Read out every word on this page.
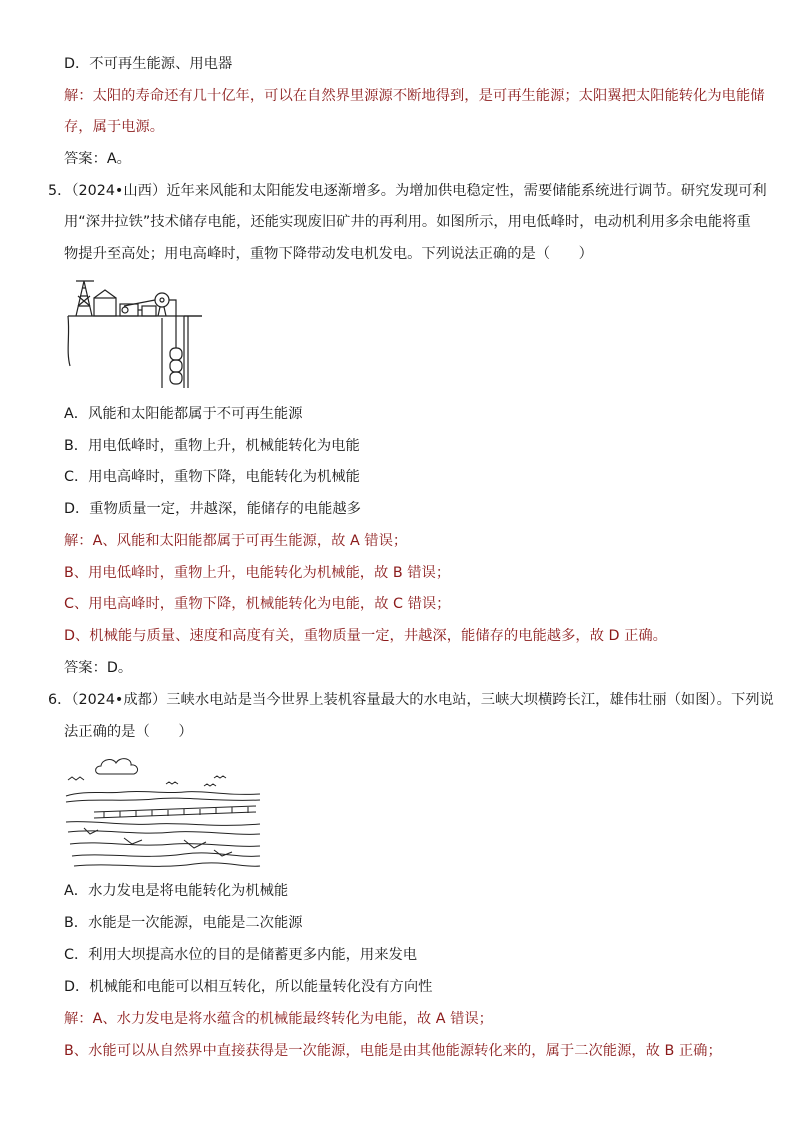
D．不可再生能源、用电器
解：太阳的寿命还有几十亿年，可以在自然界里源源不断地得到，是可再生能源；太阳翼把太阳能转化为电能储
存，属于电源。
答案：A。
5．（2024•山西）近年来风能和太阳能发电逐渐增多。为增加供电稳定性，需要储能系统进行调节。研究发现可利
用“深井拉铁”技术储存电能，还能实现废旧矿井的再利用。如图所示，用电低峰时，电动机利用多余电能将重
物提升至高处；用电高峰时，重物下降带动发电机发电。下列说法正确的是（　　）
A．风能和太阳能都属于不可再生能源
B．用电低峰时，重物上升，机械能转化为电能
C．用电高峰时，重物下降，电能转化为机械能
D．重物质量一定，井越深，能储存的电能越多
解：A、风能和太阳能都属于可再生能源，故 A 错误；
B、用电低峰时，重物上升，电能转化为机械能，故 B 错误；
C、用电高峰时，重物下降，机械能转化为电能，故 C 错误；
D、机械能与质量、速度和高度有关，重物质量一定，井越深，能储存的电能越多，故 D 正确。
答案：D。
6．（2024•成都）三峡水电站是当今世界上装机容量最大的水电站，三峡大坝横跨长江，雄伟壮丽（如图）。下列说
法正确的是（　　）
A．水力发电是将电能转化为机械能
B．水能是一次能源，电能是二次能源
C．利用大坝提高水位的目的是储蓄更多内能，用来发电
D．机械能和电能可以相互转化，所以能量转化没有方向性
解：A、水力发电是将水蕴含的机械能最终转化为电能，故 A 错误；
B、水能可以从自然界中直接获得是一次能源，电能是由其他能源转化来的，属于二次能源，故 B 正确；
